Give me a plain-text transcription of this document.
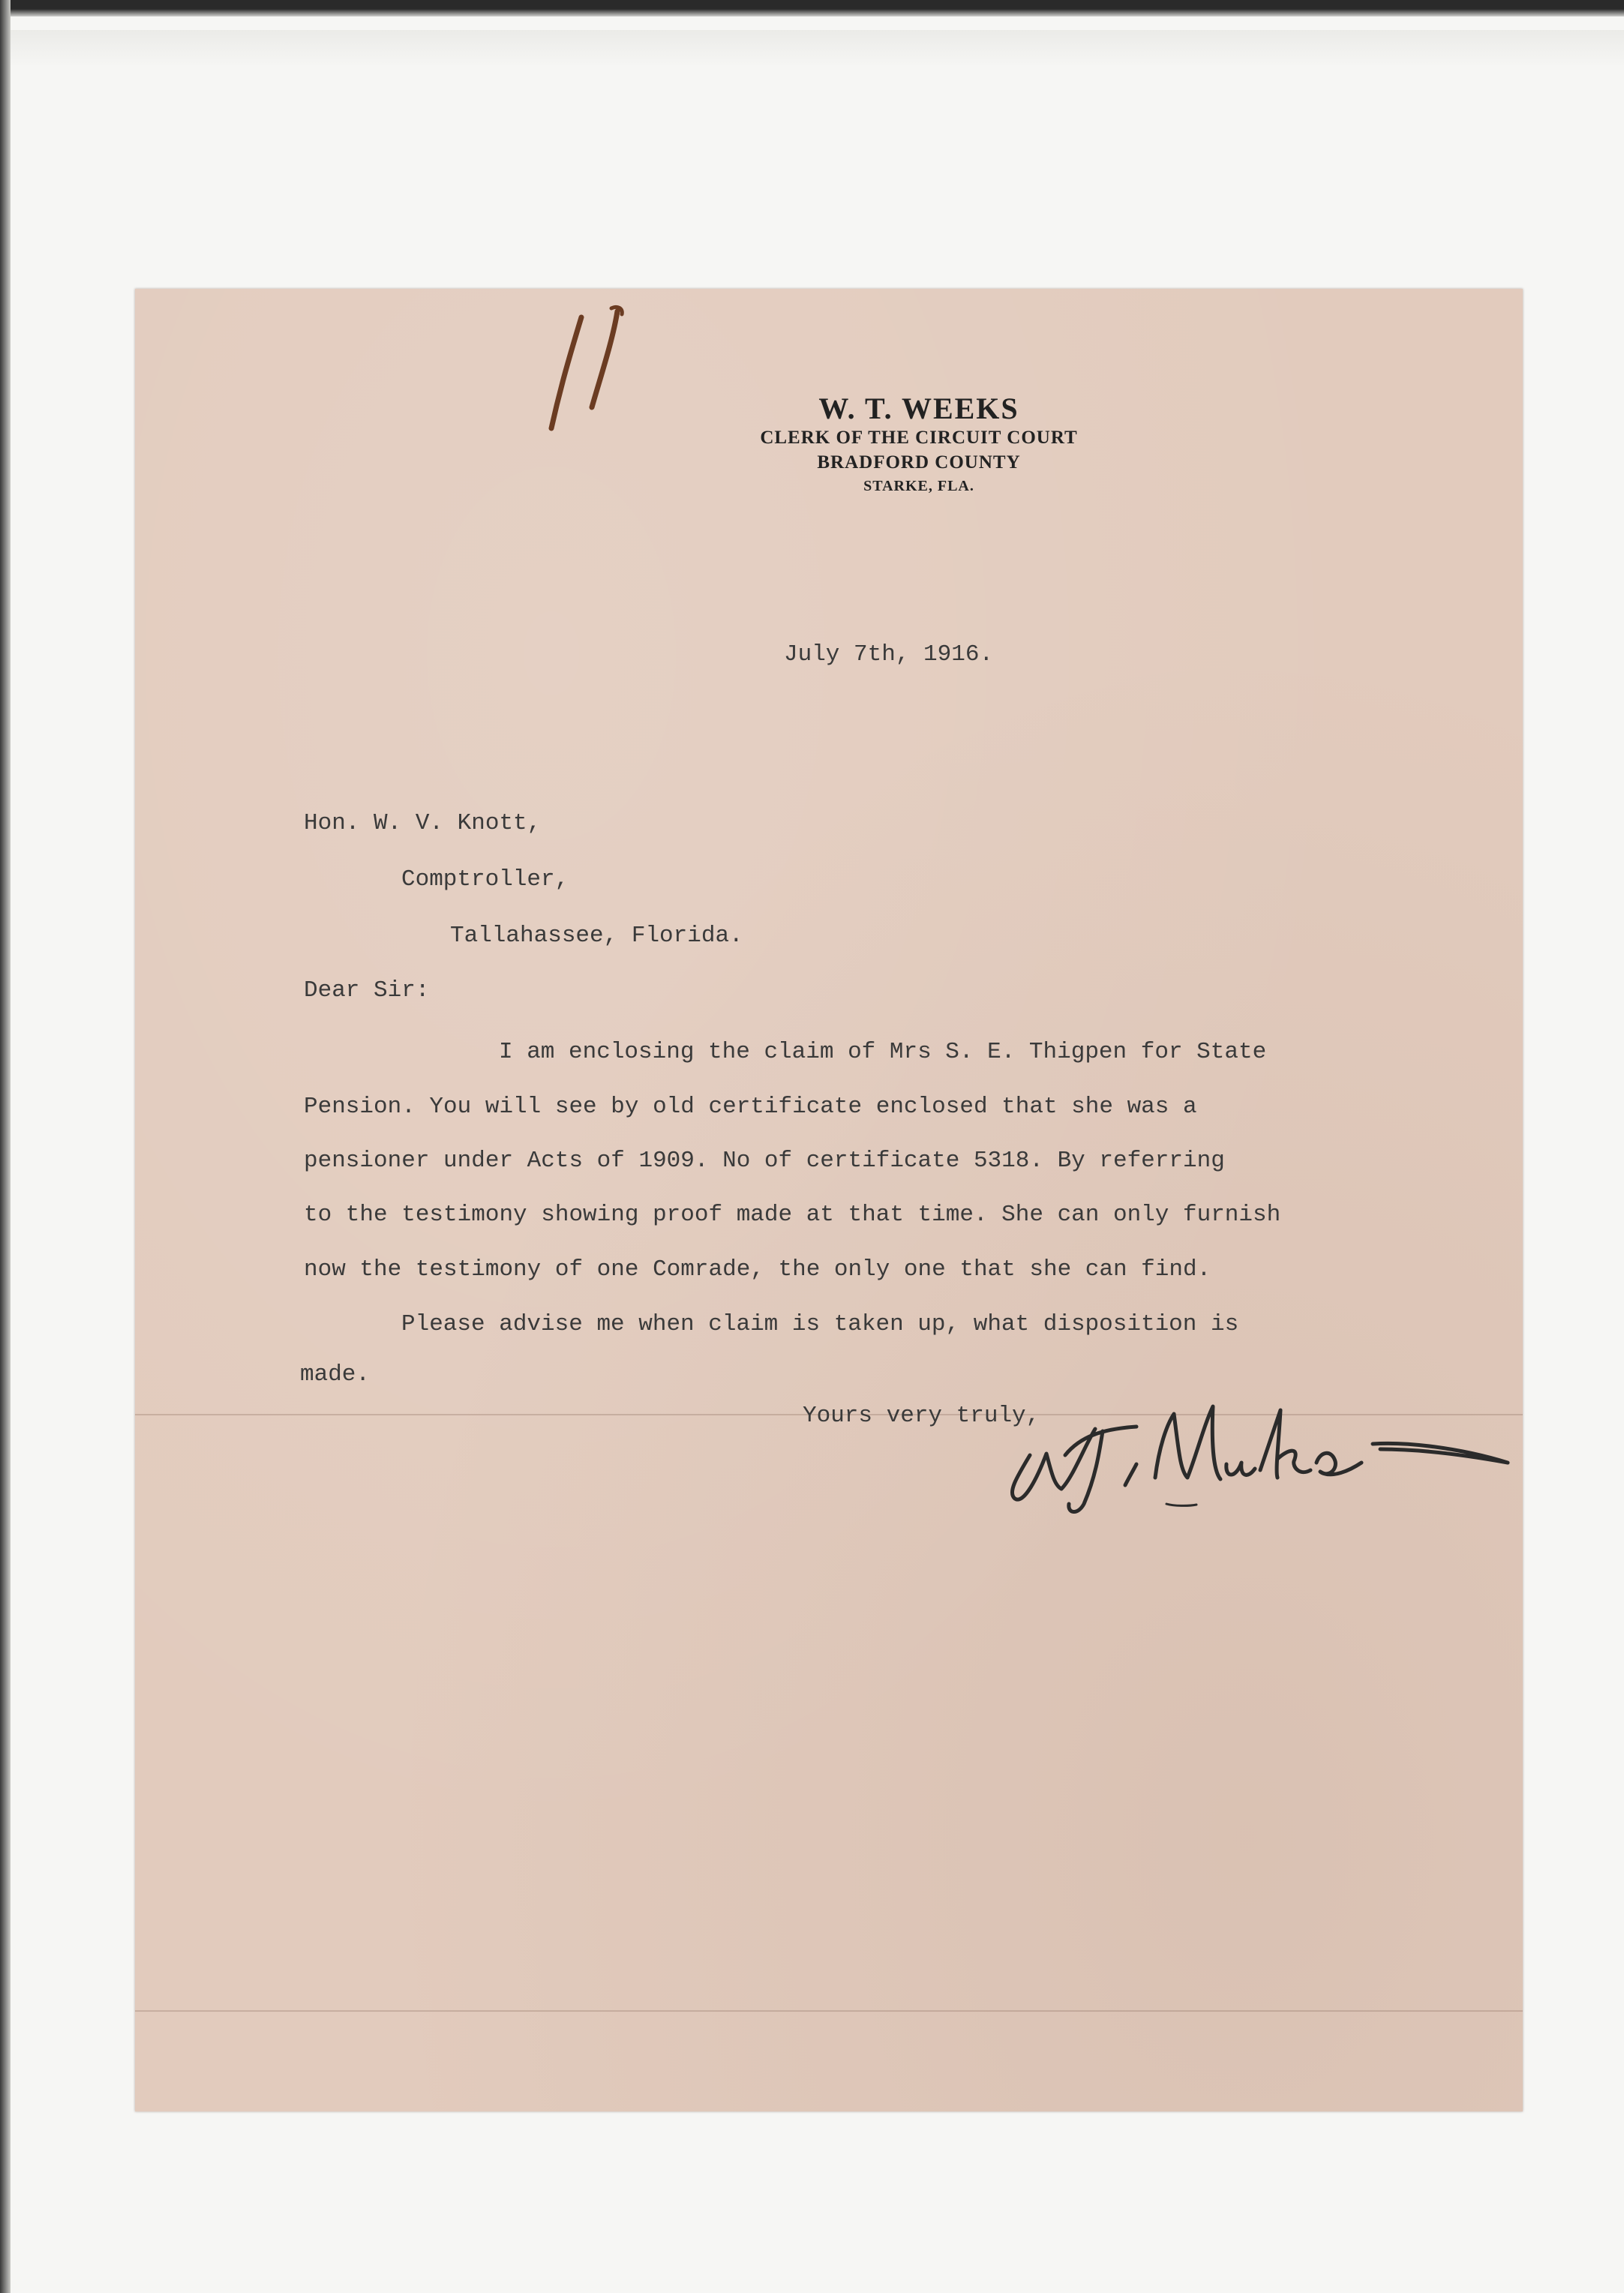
W. T. WEEKS

CLERK OF THE CIRCUIT COURT

BRADFORD COUNTY

STARKE, FLA.

July 7th, 1916.

Hon. W. V. Knott,

Comptroller,

Tallahassee, Florida.

Dear Sir:

I am enclosing the claim of Mrs S. E. Thigpen for State

Pension. You will see by old certificate enclosed that she was a

pensioner under Acts of 1909. No of certificate 5318. By referring

to the testimony showing proof made at that time. She can only furnish

now the testimony of one Comrade, the only one that she can find.

Please advise me when claim is taken up, what disposition is

made.

Yours very truly,
